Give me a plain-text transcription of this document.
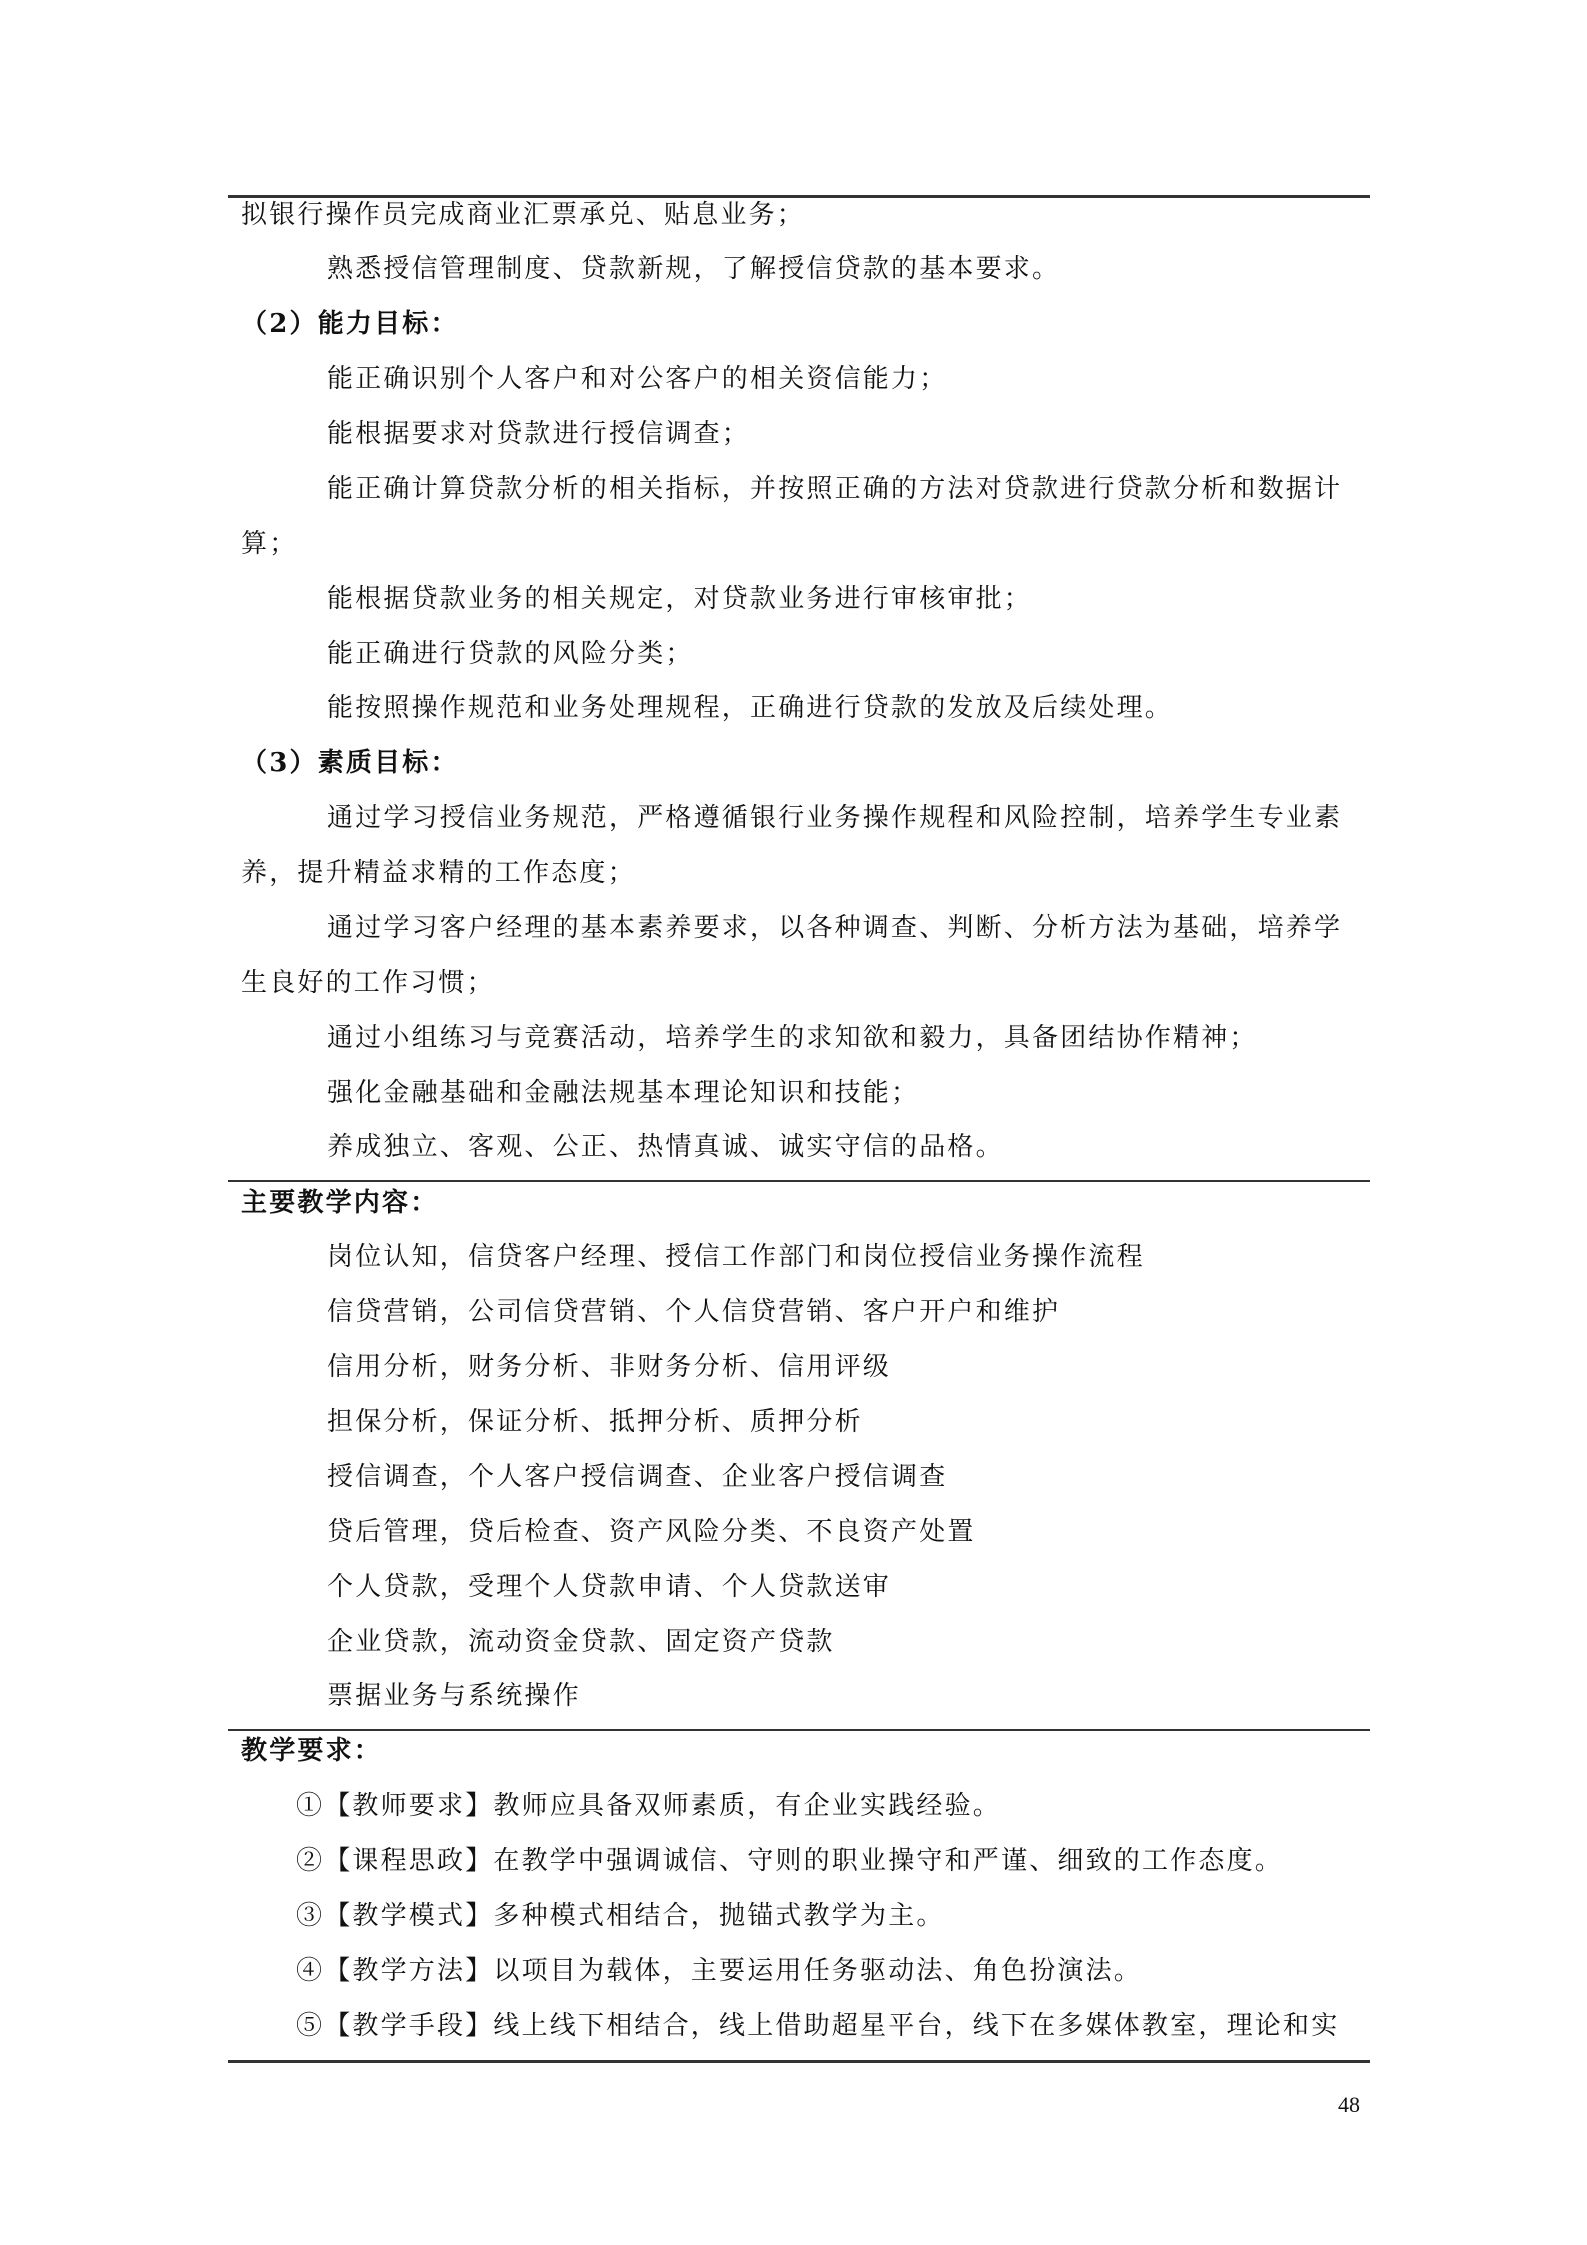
拟银行操作员完成商业汇票承兑、贴息业务；
熟悉授信管理制度、贷款新规，了解授信贷款的基本要求。
（2）能力目标：
能正确识别个人客户和对公客户的相关资信能力；
能根据要求对贷款进行授信调查；
能正确计算贷款分析的相关指标，并按照正确的方法对贷款进行贷款分析和数据计
算；
能根据贷款业务的相关规定，对贷款业务进行审核审批；
能正确进行贷款的风险分类；
能按照操作规范和业务处理规程，正确进行贷款的发放及后续处理。
（3）素质目标：
通过学习授信业务规范，严格遵循银行业务操作规程和风险控制，培养学生专业素
养，提升精益求精的工作态度；
通过学习客户经理的基本素养要求，以各种调查、判断、分析方法为基础，培养学
生良好的工作习惯；
通过小组练习与竞赛活动，培养学生的求知欲和毅力，具备团结协作精神；
强化金融基础和金融法规基本理论知识和技能；
养成独立、客观、公正、热情真诚、诚实守信的品格。
主要教学内容：
岗位认知，信贷客户经理、授信工作部门和岗位授信业务操作流程
信贷营销，公司信贷营销、个人信贷营销、客户开户和维护
信用分析，财务分析、非财务分析、信用评级
担保分析，保证分析、抵押分析、质押分析
授信调查，个人客户授信调查、企业客户授信调查
贷后管理，贷后检查、资产风险分类、不良资产处置
个人贷款，受理个人贷款申请、个人贷款送审
企业贷款，流动资金贷款、固定资产贷款
票据业务与系统操作
教学要求：
①【教师要求】教师应具备双师素质，有企业实践经验。
②【课程思政】在教学中强调诚信、守则的职业操守和严谨、细致的工作态度。
③【教学模式】多种模式相结合，抛锚式教学为主。
④【教学方法】以项目为载体，主要运用任务驱动法、角色扮演法。
⑤【教学手段】线上线下相结合，线上借助超星平台，线下在多媒体教室，理论和实
48
